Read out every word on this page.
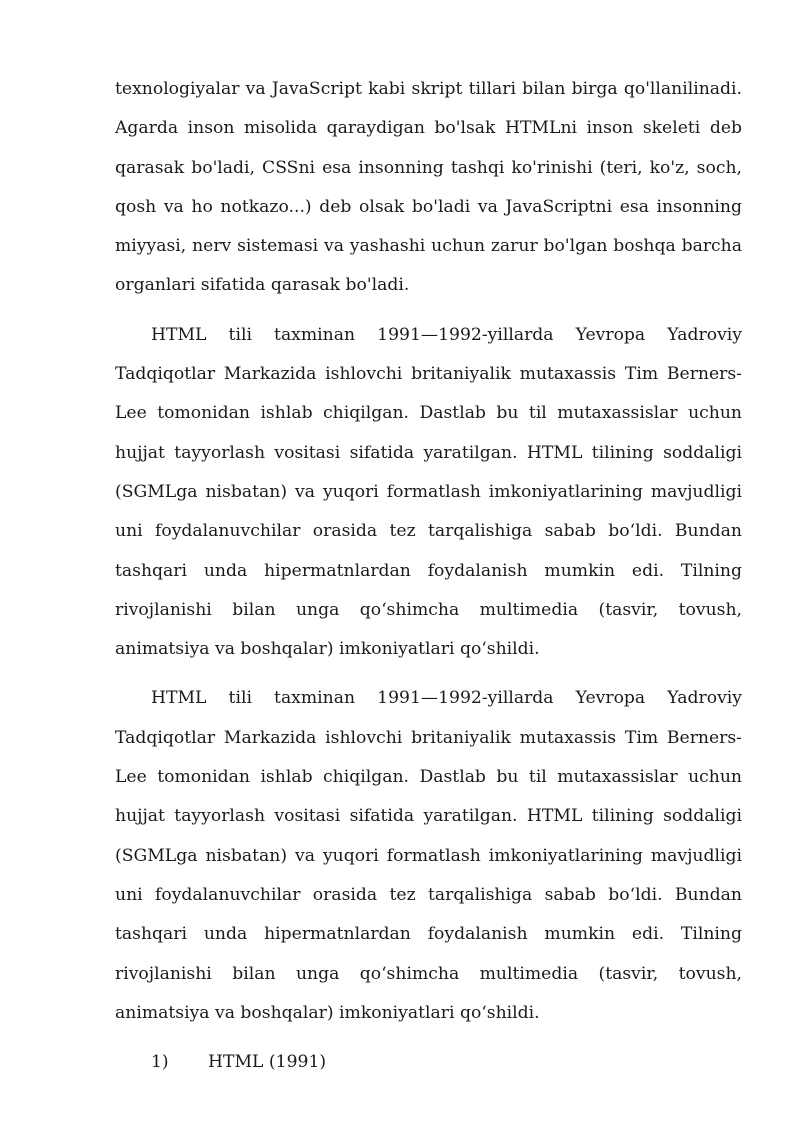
texnologiyalar va JavaScript kabi skript tillari bilan birga qo'llanilinadi. Agarda inson misolida qaraydigan bo'lsak HTMLni inson skeleti deb qarasak bo'ladi, CSSni esa insonning tashqi ko'rinishi (teri, ko'z, soch, qosh va ho notkazo...) deb olsak bo'ladi va JavaScriptni esa insonning miyyasi, nerv sistemasi va yashashi uchun zarur bo'lgan boshqa barcha organlari sifatida qarasak bo'ladi.

HTML tili taxminan 1991—1992-yillarda Yevropa Yadroviy Tadqiqotlar Markazida ishlovchi britaniyalik mutaxassis Tim Berners-Lee tomonidan ishlab chiqilgan. Dastlab bu til mutaxassislar uchun hujjat tayyorlash vositasi sifatida yaratilgan. HTML tilining soddaligi (SGMLga nisbatan) va yuqori formatlash imkoniyatlarining mavjudligi uni foydalanuvchilar orasida tez tarqalishiga sabab bo‘ldi. Bundan tashqari unda hipermatnlardan foydalanish mumkin edi. Tilning rivojlanishi bilan unga qo‘shimcha multimedia (tasvir, tovush, animatsiya va boshqalar) imkoniyatlari qo‘shildi.

HTML tili taxminan 1991—1992-yillarda Yevropa Yadroviy Tadqiqotlar Markazida ishlovchi britaniyalik mutaxassis Tim Berners-Lee tomonidan ishlab chiqilgan. Dastlab bu til mutaxassislar uchun hujjat tayyorlash vositasi sifatida yaratilgan. HTML tilining soddaligi (SGMLga nisbatan) va yuqori formatlash imkoniyatlarining mavjudligi uni foydalanuvchilar orasida tez tarqalishiga sabab bo‘ldi. Bundan tashqari unda hipermatnlardan foydalanish mumkin edi. Tilning rivojlanishi bilan unga qo‘shimcha multimedia (tasvir, tovush, animatsiya va boshqalar) imkoniyatlari qo‘shildi.

1)	HTML (1991)
